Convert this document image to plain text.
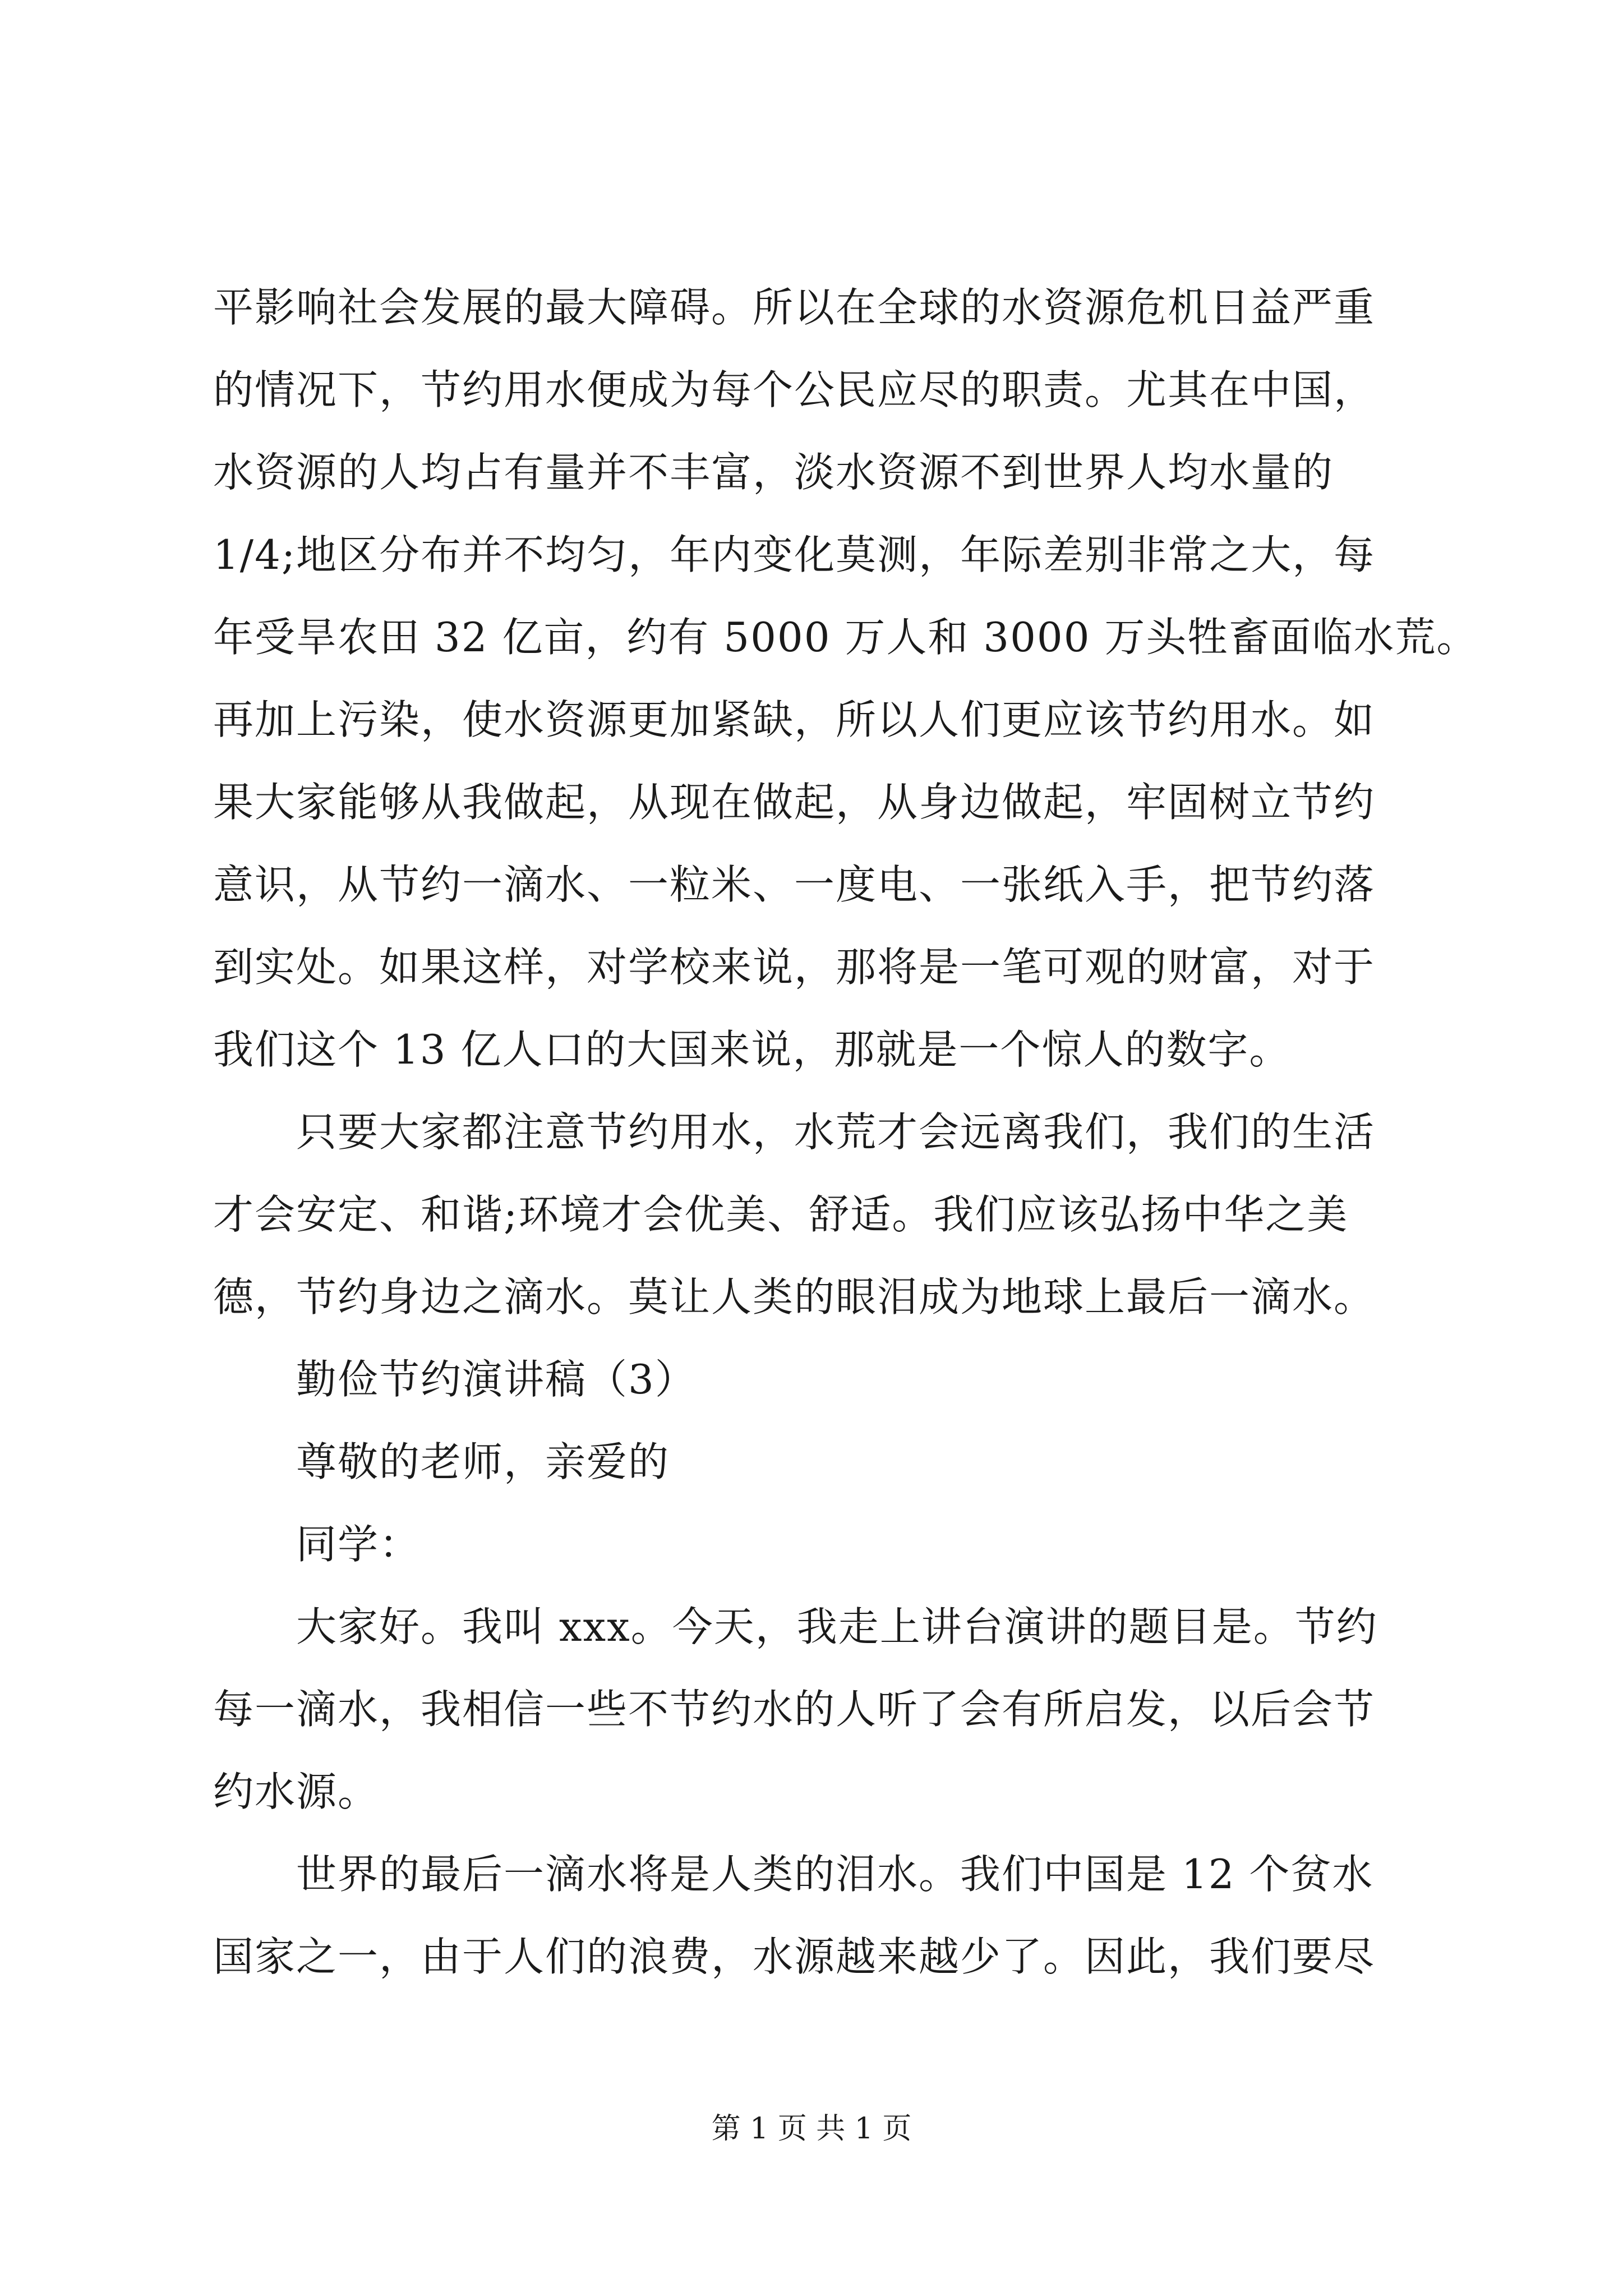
平影响社会发展的最大障碍。所以在全球的水资源危机日益严重
的情况下，节约用水便成为每个公民应尽的职责。尤其在中国，
水资源的人均占有量并不丰富，淡水资源不到世界人均水量的
1/4;地区分布并不均匀，年内变化莫测，年际差别非常之大，每
年受旱农田 32 亿亩，约有 5000 万人和 3000 万头牲畜面临水荒。
再加上污染，使水资源更加紧缺，所以人们更应该节约用水。如
果大家能够从我做起，从现在做起，从身边做起，牢固树立节约
意识，从节约一滴水、一粒米、一度电、一张纸入手，把节约落
到实处。如果这样，对学校来说，那将是一笔可观的财富，对于
我们这个 13 亿人口的大国来说，那就是一个惊人的数字。
只要大家都注意节约用水，水荒才会远离我们，我们的生活
才会安定、和谐;环境才会优美、舒适。我们应该弘扬中华之美
德，节约身边之滴水。莫让人类的眼泪成为地球上最后一滴水。
勤俭节约演讲稿（3）
尊敬的老师，亲爱的
同学：
大家好。我叫 xxx。今天，我走上讲台演讲的题目是。节约
每一滴水，我相信一些不节约水的人听了会有所启发，以后会节
约水源。
世界的最后一滴水将是人类的泪水。我们中国是 12 个贫水
国家之一，由于人们的浪费，水源越来越少了。因此，我们要尽
第 1 页 共 1 页
